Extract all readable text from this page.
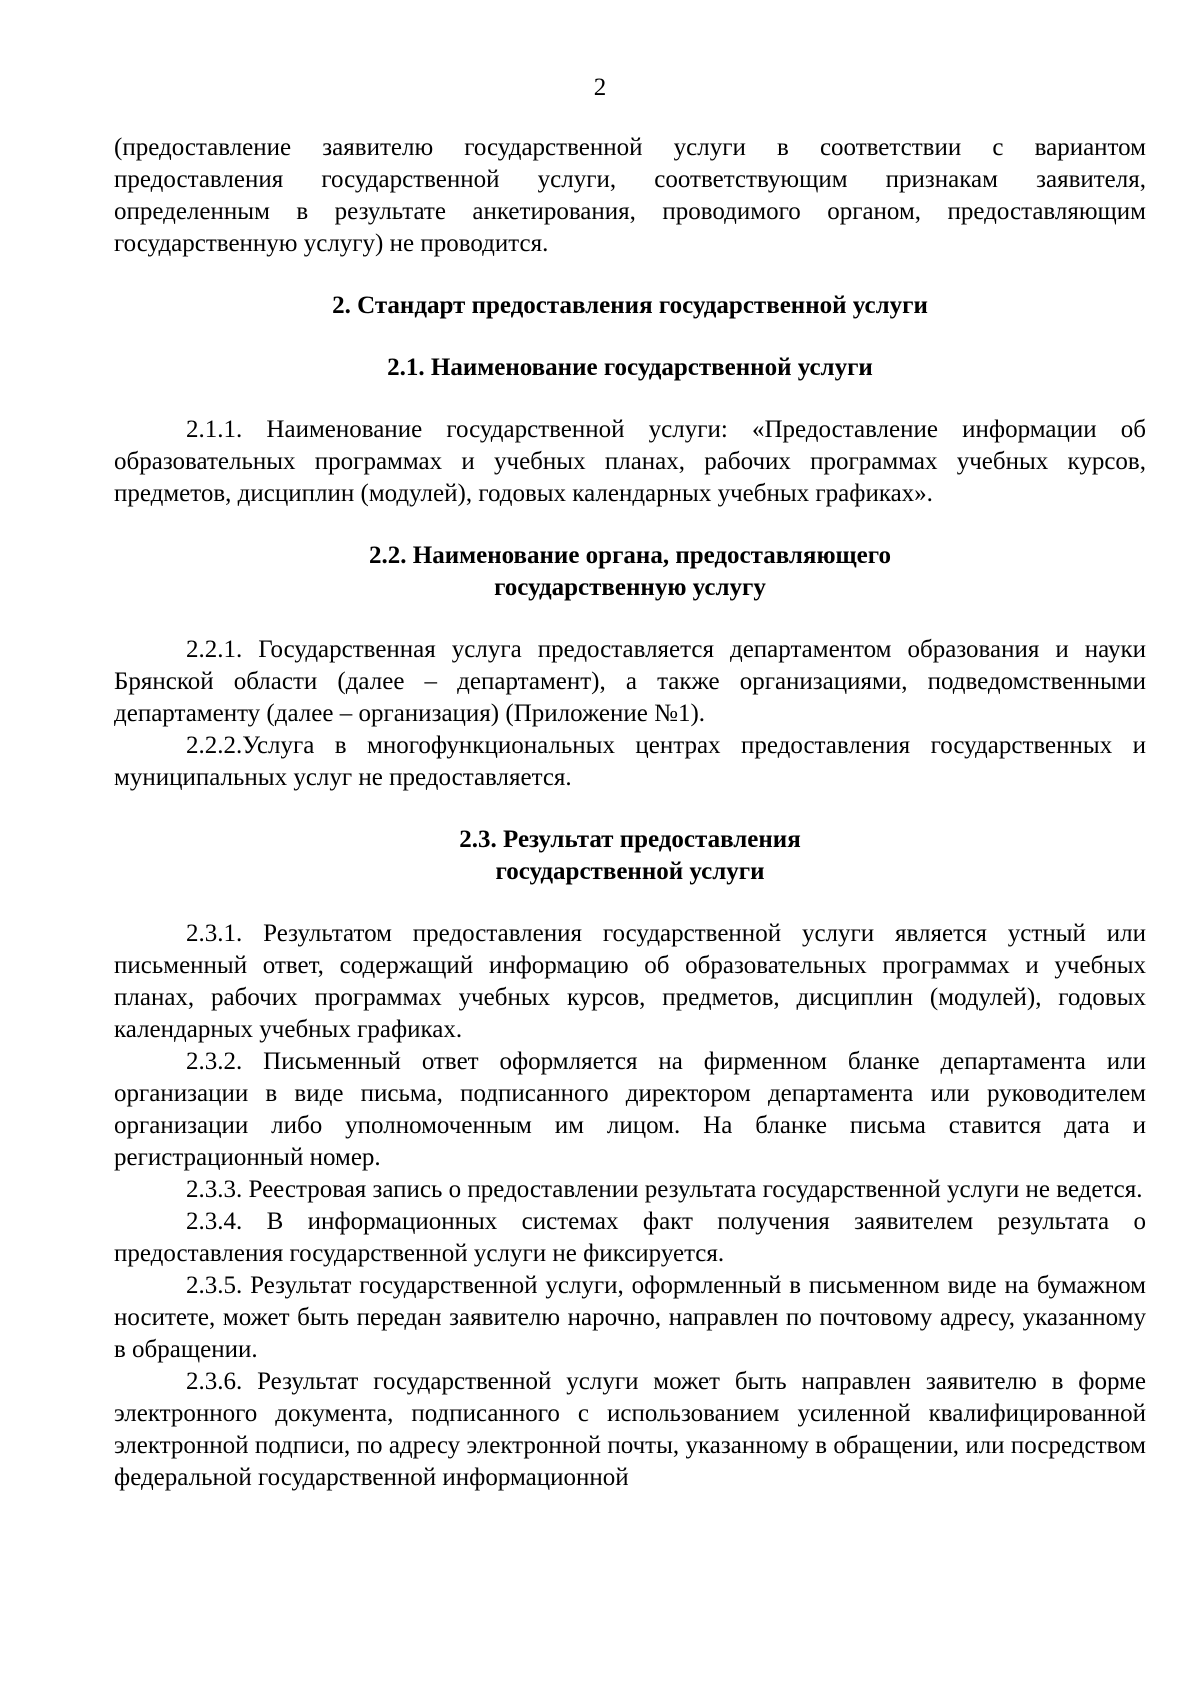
2

(предоставление заявителю государственной услуги в соответствии с вариантом предоставления государственной услуги, соответствующим признакам заявителя, определенным в результате анкетирования, проводимого органом, предоставляющим государственную услугу) не проводится.

2. Стандарт предоставления государственной услуги
2.1. Наименование государственной услуги

2.1.1. Наименование государственной услуги: «Предоставление информации об образовательных программах и учебных планах, рабочих программах учебных курсов, предметов, дисциплин (модулей), годовых календарных учебных графиках».

2.2. Наименование органа, предоставляющего
государственную услугу

2.2.1. Государственная услуга предоставляется департаментом образования и науки Брянской области (далее – департамент), а также организациями, подведомственными департаменту (далее – организация) (Приложение №1).

2.2.2.Услуга в многофункциональных центрах предоставления государственных и муниципальных услуг не предоставляется.

2.3. Результат предоставления
государственной услуги

2.3.1. Результатом предоставления государственной услуги является устный или письменный ответ, содержащий информацию об образовательных программах и учебных планах, рабочих программах учебных курсов, предметов, дисциплин (модулей), годовых календарных учебных графиках.

2.3.2. Письменный ответ оформляется на фирменном бланке департамента или организации в виде письма, подписанного директором департамента или руководителем организации либо уполномоченным им лицом. На бланке письма ставится дата и регистрационный номер.

2.3.3. Реестровая запись о предоставлении результата государственной услуги не ведется.

2.3.4. В информационных системах факт получения заявителем результата о предоставления государственной услуги не фиксируется.

2.3.5. Результат государственной услуги, оформленный в письменном виде на бумажном носитете, может быть передан заявителю нарочно, направлен по почтовому адресу, указанному в обращении.

2.3.6. Результат государственной услуги может быть направлен заявителю в форме электронного документа, подписанного с использованием усиленной квалифицированной электронной подписи, по адресу электронной почты, указанному в обращении, или посредством федеральной государственной информационной
